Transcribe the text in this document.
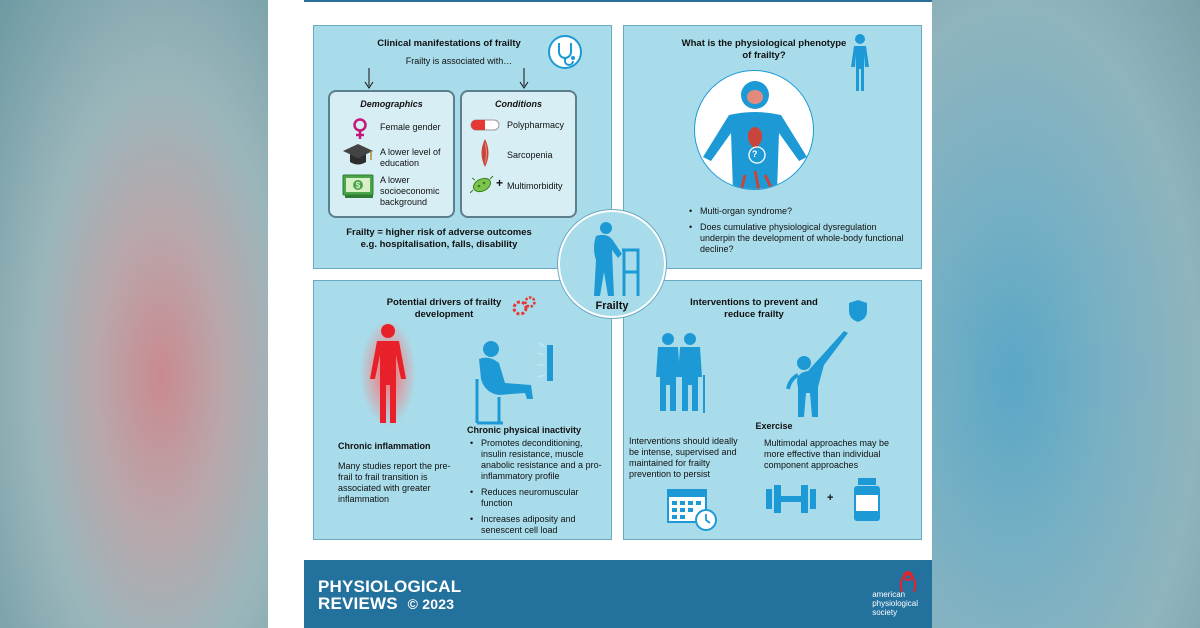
Clinical manifestations of frailty
Frailty is associated with…
Demographics
Female gender
A lower level of education
$
A lower socioeconomic background
Conditions
Polypharmacy
Sarcopenia
+ Multimorbidity
Frailty = higher risk of adverse outcomes
e.g. hospitalisation, falls, disability
What is the physiological phenotype
of frailty?
?
• Multi-organ syndrome?
• Does cumulative physiological dysregulation underpin the development of whole-body functional decline?
Potential drivers of frailty
development
Chronic inflammation
Many studies report the pre-frail to frail transition is associated with greater inflammation
Chronic physical inactivity
• Promotes deconditioning, insulin resistance, muscle anabolic resistance and a pro-inflammatory profile
• Reduces neuromuscular function
• Increases adiposity and senescent cell load
Interventions to prevent and
reduce frailty
Exercise
Interventions should ideally be intense, supervised and maintained for frailty prevention to persist
Multimodal approaches may be more effective than individual component approaches
+
Frailty
PHYSIOLOGICAL
REVIEWS © 2023
american
physiological
society
